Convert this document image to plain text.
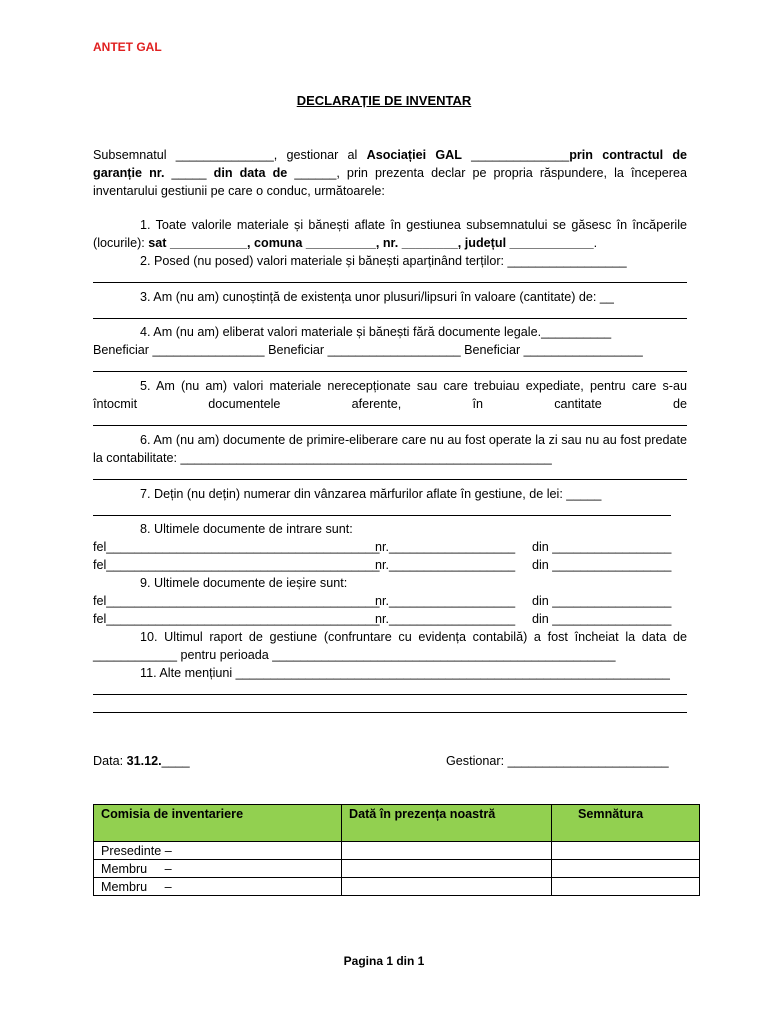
ANTET GAL
DECLARAȚIE DE INVENTAR

Subsemnatul ______________, gestionar al Asociației GAL ______________prin contractul de garanție nr. _____ din data de ______, prin prezenta declar pe propria răspundere, la începerea inventarului gestiunii pe care o conduc, următoarele:

1. Toate valorile materiale și bănești aflate în gestiunea subsemnatului se găsesc în încăperile (locurile): sat ___________, comuna __________, nr. ________, județul ____________.

2. Posed (nu posed) valori materiale și bănești aparținând terților: _________________

3. Am (nu am) cunoștință de existența unor plusuri/lipsuri în valoare (cantitate) de: __

4. Am (nu am) eliberat valori materiale și bănești fără documente legale.__________

Beneficiar ________________ Beneficiar ___________________ Beneficiar _________________

5. Am (nu am) valori materiale nerecepționate sau care trebuiau expediate, pentru care s-au întocmit documentele aferente, în cantitate de

6. Am (nu am) documente de primire-eliberare care nu au fost operate la zi sau nu au fost predate la contabilitate: _____________________________________________________

7. Dețin (nu dețin) numerar din vânzarea mărfurilor aflate în gestiune, de lei: _____

8. Ultimele documente de intrare sunt:

fel_______________________________________
nr.__________________	din _________________
fel_______________________________________
nr.__________________	din _________________

9. Ultimele documente de ieșire sunt:

fel_______________________________________
nr.__________________	din _________________
fel_______________________________________
nr.__________________	din _________________

10. Ultimul raport de gestiune (confruntare cu evidența contabilă) a fost încheiat la data de ____________ pentru perioada _________________________________________________

11. Alte mențiuni ______________________________________________________________

Data: 31.12.____	Gestionar: _______________________
Comisia de inventariere	Dată în prezența noastră	Semnătura
Presedinte –		
Membru     –		
Membru     –		
Pagina 1 din 1
